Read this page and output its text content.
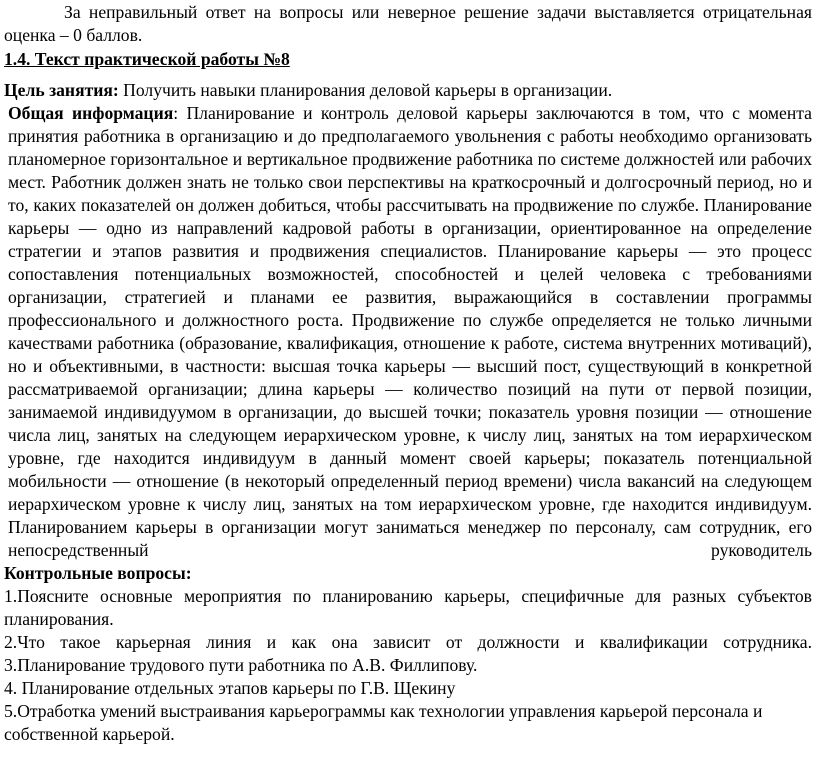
За неправильный ответ на вопросы или неверное решение задачи выставляется отрицательная оценка – 0 баллов.

1.4. Текст практической работы №8

Цель занятия: Получить навыки планирования деловой карьеры в организации.

Общая информация: Планирование и контроль деловой карьеры заключаются в том, что с момента принятия работника в организацию и до предполагаемого увольнения с работы необходимо организовать планомерное горизонтальное и вертикальное продвижение работника по системе должностей или рабочих мест. Работник должен знать не только свои перспективы на краткосрочный и долгосрочный период, но и то, каких показателей он должен добиться, чтобы рассчитывать на продвижение по службе. Планирование карьеры — одно из направлений кадровой работы в организации, ориентированное на определение стратегии и этапов развития и продвижения специалистов. Планирование карьеры — это процесс сопоставления потенциальных возможностей, способностей и целей человека с требованиями организации, стратегией и планами ее развития, выражающийся в составлении программы профессионального и должностного роста. Продвижение по службе определяется не только личными качествами работника (образование, квалификация, отношение к работе, система внутренних мотиваций), но и объективными, в частности: высшая точка карьеры — высший пост, существующий в конкретной рассматриваемой организации; длина карьеры — количество позиций на пути от первой позиции, занимаемой индивидуумом в организации, до высшей точки; показатель уровня позиции — отношение числа лиц, занятых на следующем иерархическом уровне, к числу лиц, занятых на том иерархическом уровне, где находится индивидуум в данный момент своей карьеры; показатель потенциальной мобильности — отношение (в некоторый определенный период времени) числа вакансий на следующем иерархическом уровне к числу лиц, занятых на том иерархическом уровне, где находится индивидуум. Планированием карьеры в организации могут заниматься менеджер по персоналу, сам сотрудник, его непосредственный руководитель

Контрольные вопросы:

1.Поясните основные мероприятия по планированию карьеры, специфичные для разных субъектов планирования.

2.Что такое карьерная линия и как она зависит от должности и квалификации сотрудника.

3.Планирование трудового пути работника по А.В. Филлипову.

4. Планирование отдельных этапов карьеры по Г.В. Щекину

5.Отработка умений выстраивания карьерограммы как технологии управления карьерой персонала и собственной карьерой.
